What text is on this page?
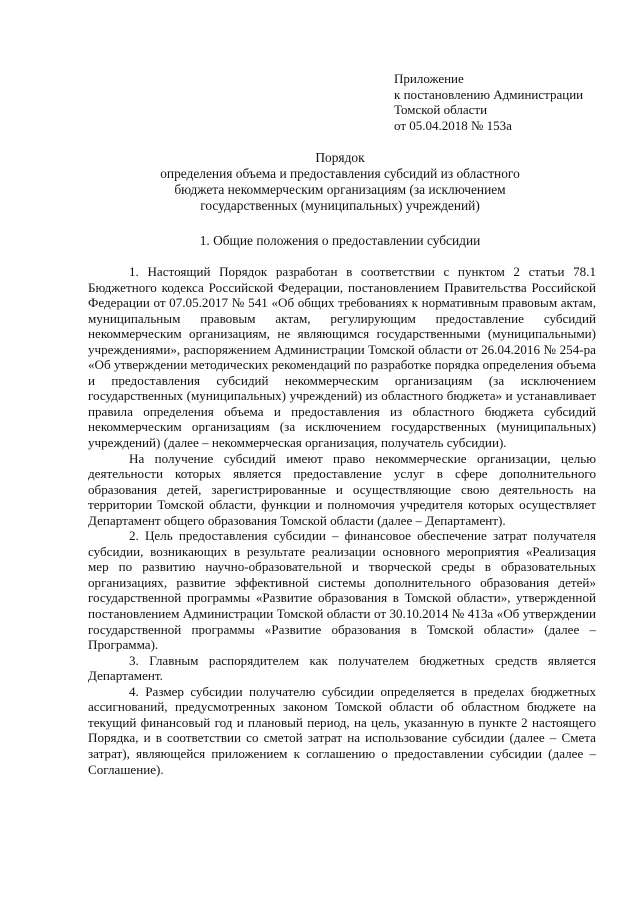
Приложение
к постановлению Администрации
Томской области
от 05.04.2018 № 153а
Порядок
определения объема и предоставления субсидий из областного
бюджета некоммерческим организациям (за исключением
государственных (муниципальных) учреждений)
1. Общие положения о предоставлении субсидии

1. Настоящий Порядок разработан в соответствии с пунктом 2 статьи 78.1 Бюджетного кодекса Российской Федерации, постановлением Правительства Российской Федерации от 07.05.2017 № 541 «Об общих требованиях к нормативным правовым актам, муниципальным правовым актам, регулирующим предоставление субсидий некоммерческим организациям, не являющимся государственными (муниципальными) учреждениями», распоряжением Администрации Томской области от 26.04.2016 № 254-ра «Об утверждении методических рекомендаций по разработке порядка определения объема и предоставления субсидий некоммерческим организациям (за исключением государственных (муниципальных) учреждений) из областного бюджета» и устанавливает правила определения объема и предоставления из областного бюджета субсидий некоммерческим организациям (за исключением государственных (муниципальных) учреждений) (далее – некоммерческая организация, получатель субсидии).

На получение субсидий имеют право некоммерческие организации, целью деятельности которых является предоставление услуг в сфере дополнительного образования детей, зарегистрированные и осуществляющие свою деятельность на территории Томской области, функции и полномочия учредителя которых осуществляет Департамент общего образования Томской области (далее – Департамент).

2. Цель предоставления субсидии – финансовое обеспечение затрат получателя субсидии, возникающих в результате реализации основного мероприятия «Реализация мер по развитию научно-образовательной и творческой среды в образовательных организациях, развитие эффективной системы дополнительного образования детей» государственной программы «Развитие образования в Томской области», утвержденной постановлением Администрации Томской области от 30.10.2014 № 413а «Об утверждении государственной программы «Развитие образования в Томской области» (далее – Программа).

3. Главным распорядителем как получателем бюджетных средств является Департамент.

4. Размер субсидии получателю субсидии определяется в пределах бюджетных ассигнований, предусмотренных законом Томской области об областном бюджете на текущий финансовый год и плановый период, на цель, указанную в пункте 2 настоящего Порядка, и в соответствии со сметой затрат на использование субсидии (далее – Смета затрат), являющейся приложением к соглашению о предоставлении субсидии (далее – Соглашение).
